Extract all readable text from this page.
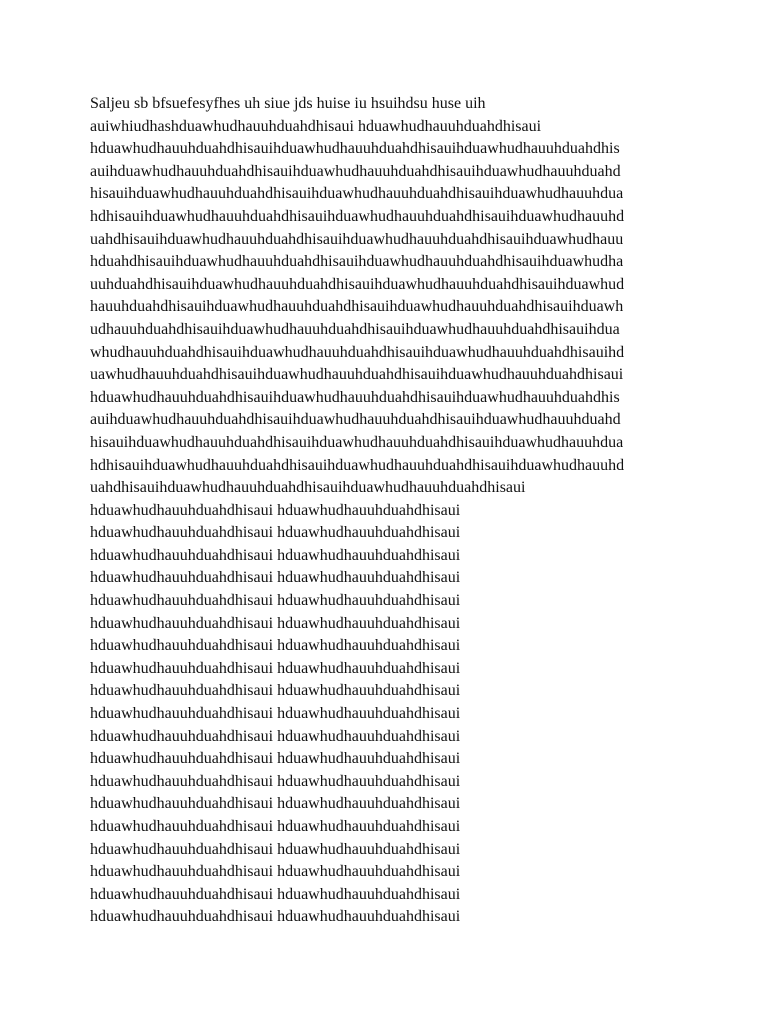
Saljeu sb bfsuefesyfhes uh siue jds huise iu hsuihdsu huse uih
auiwhiudhashduawhudhauuhduahdhisaui hduawhudhauuhduahdhisaui
hduawhudhauuhduahdhisauihduawhudhauuhduahdhisauihduawhudhauuhduahdhis
auihduawhudhauuhduahdhisauihduawhudhauuhduahdhisauihduawhudhauuhduahd
hisauihduawhudhauuhduahdhisauihduawhudhauuhduahdhisauihduawhudhauuhdua
hdhisauihduawhudhauuhduahdhisauihduawhudhauuhduahdhisauihduawhudhauuhd
uahdhisauihduawhudhauuhduahdhisauihduawhudhauuhduahdhisauihduawhudhauu
hduahdhisauihduawhudhauuhduahdhisauihduawhudhauuhduahdhisauihduawhudha
uuhduahdhisauihduawhudhauuhduahdhisauihduawhudhauuhduahdhisauihduawhud
hauuhduahdhisauihduawhudhauuhduahdhisauihduawhudhauuhduahdhisauihduawh
udhauuhduahdhisauihduawhudhauuhduahdhisauihduawhudhauuhduahdhisauihdua
whudhauuhduahdhisauihduawhudhauuhduahdhisauihduawhudhauuhduahdhisauihd
uawhudhauuhduahdhisauihduawhudhauuhduahdhisauihduawhudhauuhduahdhisaui
hduawhudhauuhduahdhisauihduawhudhauuhduahdhisauihduawhudhauuhduahdhis
auihduawhudhauuhduahdhisauihduawhudhauuhduahdhisauihduawhudhauuhduahd
hisauihduawhudhauuhduahdhisauihduawhudhauuhduahdhisauihduawhudhauuhdua
hdhisauihduawhudhauuhduahdhisauihduawhudhauuhduahdhisauihduawhudhauuhd
uahdhisauihduawhudhauuhduahdhisauihduawhudhauuhduahdhisaui
hduawhudhauuhduahdhisaui hduawhudhauuhduahdhisaui
hduawhudhauuhduahdhisaui hduawhudhauuhduahdhisaui
hduawhudhauuhduahdhisaui hduawhudhauuhduahdhisaui
hduawhudhauuhduahdhisaui hduawhudhauuhduahdhisaui
hduawhudhauuhduahdhisaui hduawhudhauuhduahdhisaui
hduawhudhauuhduahdhisaui hduawhudhauuhduahdhisaui
hduawhudhauuhduahdhisaui hduawhudhauuhduahdhisaui
hduawhudhauuhduahdhisaui hduawhudhauuhduahdhisaui
hduawhudhauuhduahdhisaui hduawhudhauuhduahdhisaui
hduawhudhauuhduahdhisaui hduawhudhauuhduahdhisaui
hduawhudhauuhduahdhisaui hduawhudhauuhduahdhisaui
hduawhudhauuhduahdhisaui hduawhudhauuhduahdhisaui
hduawhudhauuhduahdhisaui hduawhudhauuhduahdhisaui
hduawhudhauuhduahdhisaui hduawhudhauuhduahdhisaui
hduawhudhauuhduahdhisaui hduawhudhauuhduahdhisaui
hduawhudhauuhduahdhisaui hduawhudhauuhduahdhisaui
hduawhudhauuhduahdhisaui hduawhudhauuhduahdhisaui
hduawhudhauuhduahdhisaui hduawhudhauuhduahdhisaui
hduawhudhauuhduahdhisaui hduawhudhauuhduahdhisaui
